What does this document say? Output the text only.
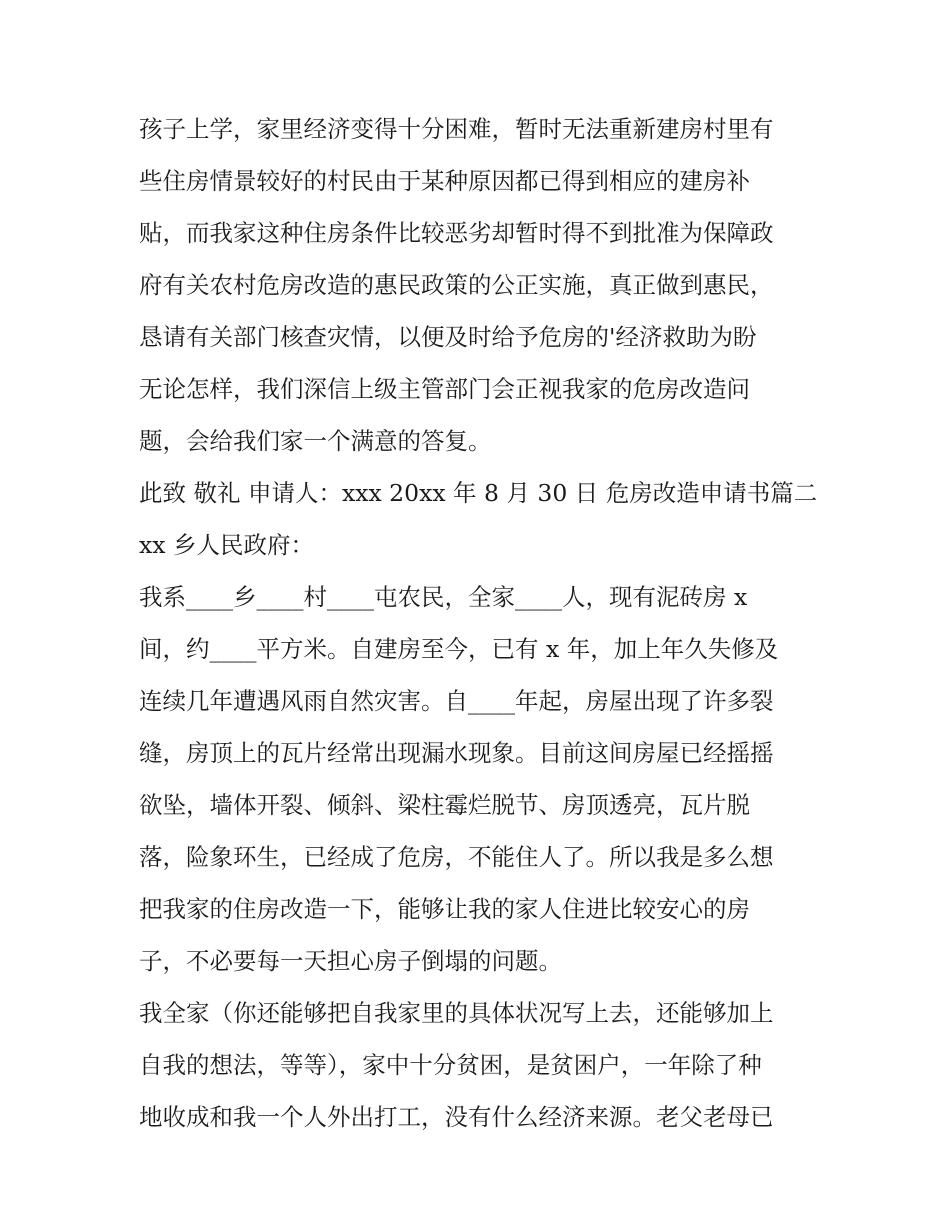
孩子上学，家里经济变得十分困难，暂时无法重新建房村里有
些住房情景较好的村民由于某种原因都已得到相应的建房补
贴，而我家这种住房条件比较恶劣却暂时得不到批准为保障政
府有关农村危房改造的惠民政策的公正实施，真正做到惠民，
恳请有关部门核查灾情，以便及时给予危房的'经济救助为盼
无论怎样，我们深信上级主管部门会正视我家的危房改造问
题，会给我们家一个满意的答复。
此致 敬礼 申请人：xxx 20xx 年 8 月 30 日 危房改造申请书篇二
xx 乡人民政府：
我系____乡____村____屯农民，全家____人，现有泥砖房 x
间，约____平方米。自建房至今，已有 x 年，加上年久失修及
连续几年遭遇风雨自然灾害。自____年起，房屋出现了许多裂
缝，房顶上的瓦片经常出现漏水现象。目前这间房屋已经摇摇
欲坠，墙体开裂、倾斜、梁柱霉烂脱节、房顶透亮，瓦片脱
落，险象环生，已经成了危房，不能住人了。所以我是多么想
把我家的住房改造一下，能够让我的家人住进比较安心的房
子，不必要每一天担心房子倒塌的问题。
我全家（你还能够把自我家里的具体状况写上去，还能够加上
自我的想法，等等），家中十分贫困，是贫困户，一年除了种
地收成和我一个人外出打工，没有什么经济来源。老父老母已
